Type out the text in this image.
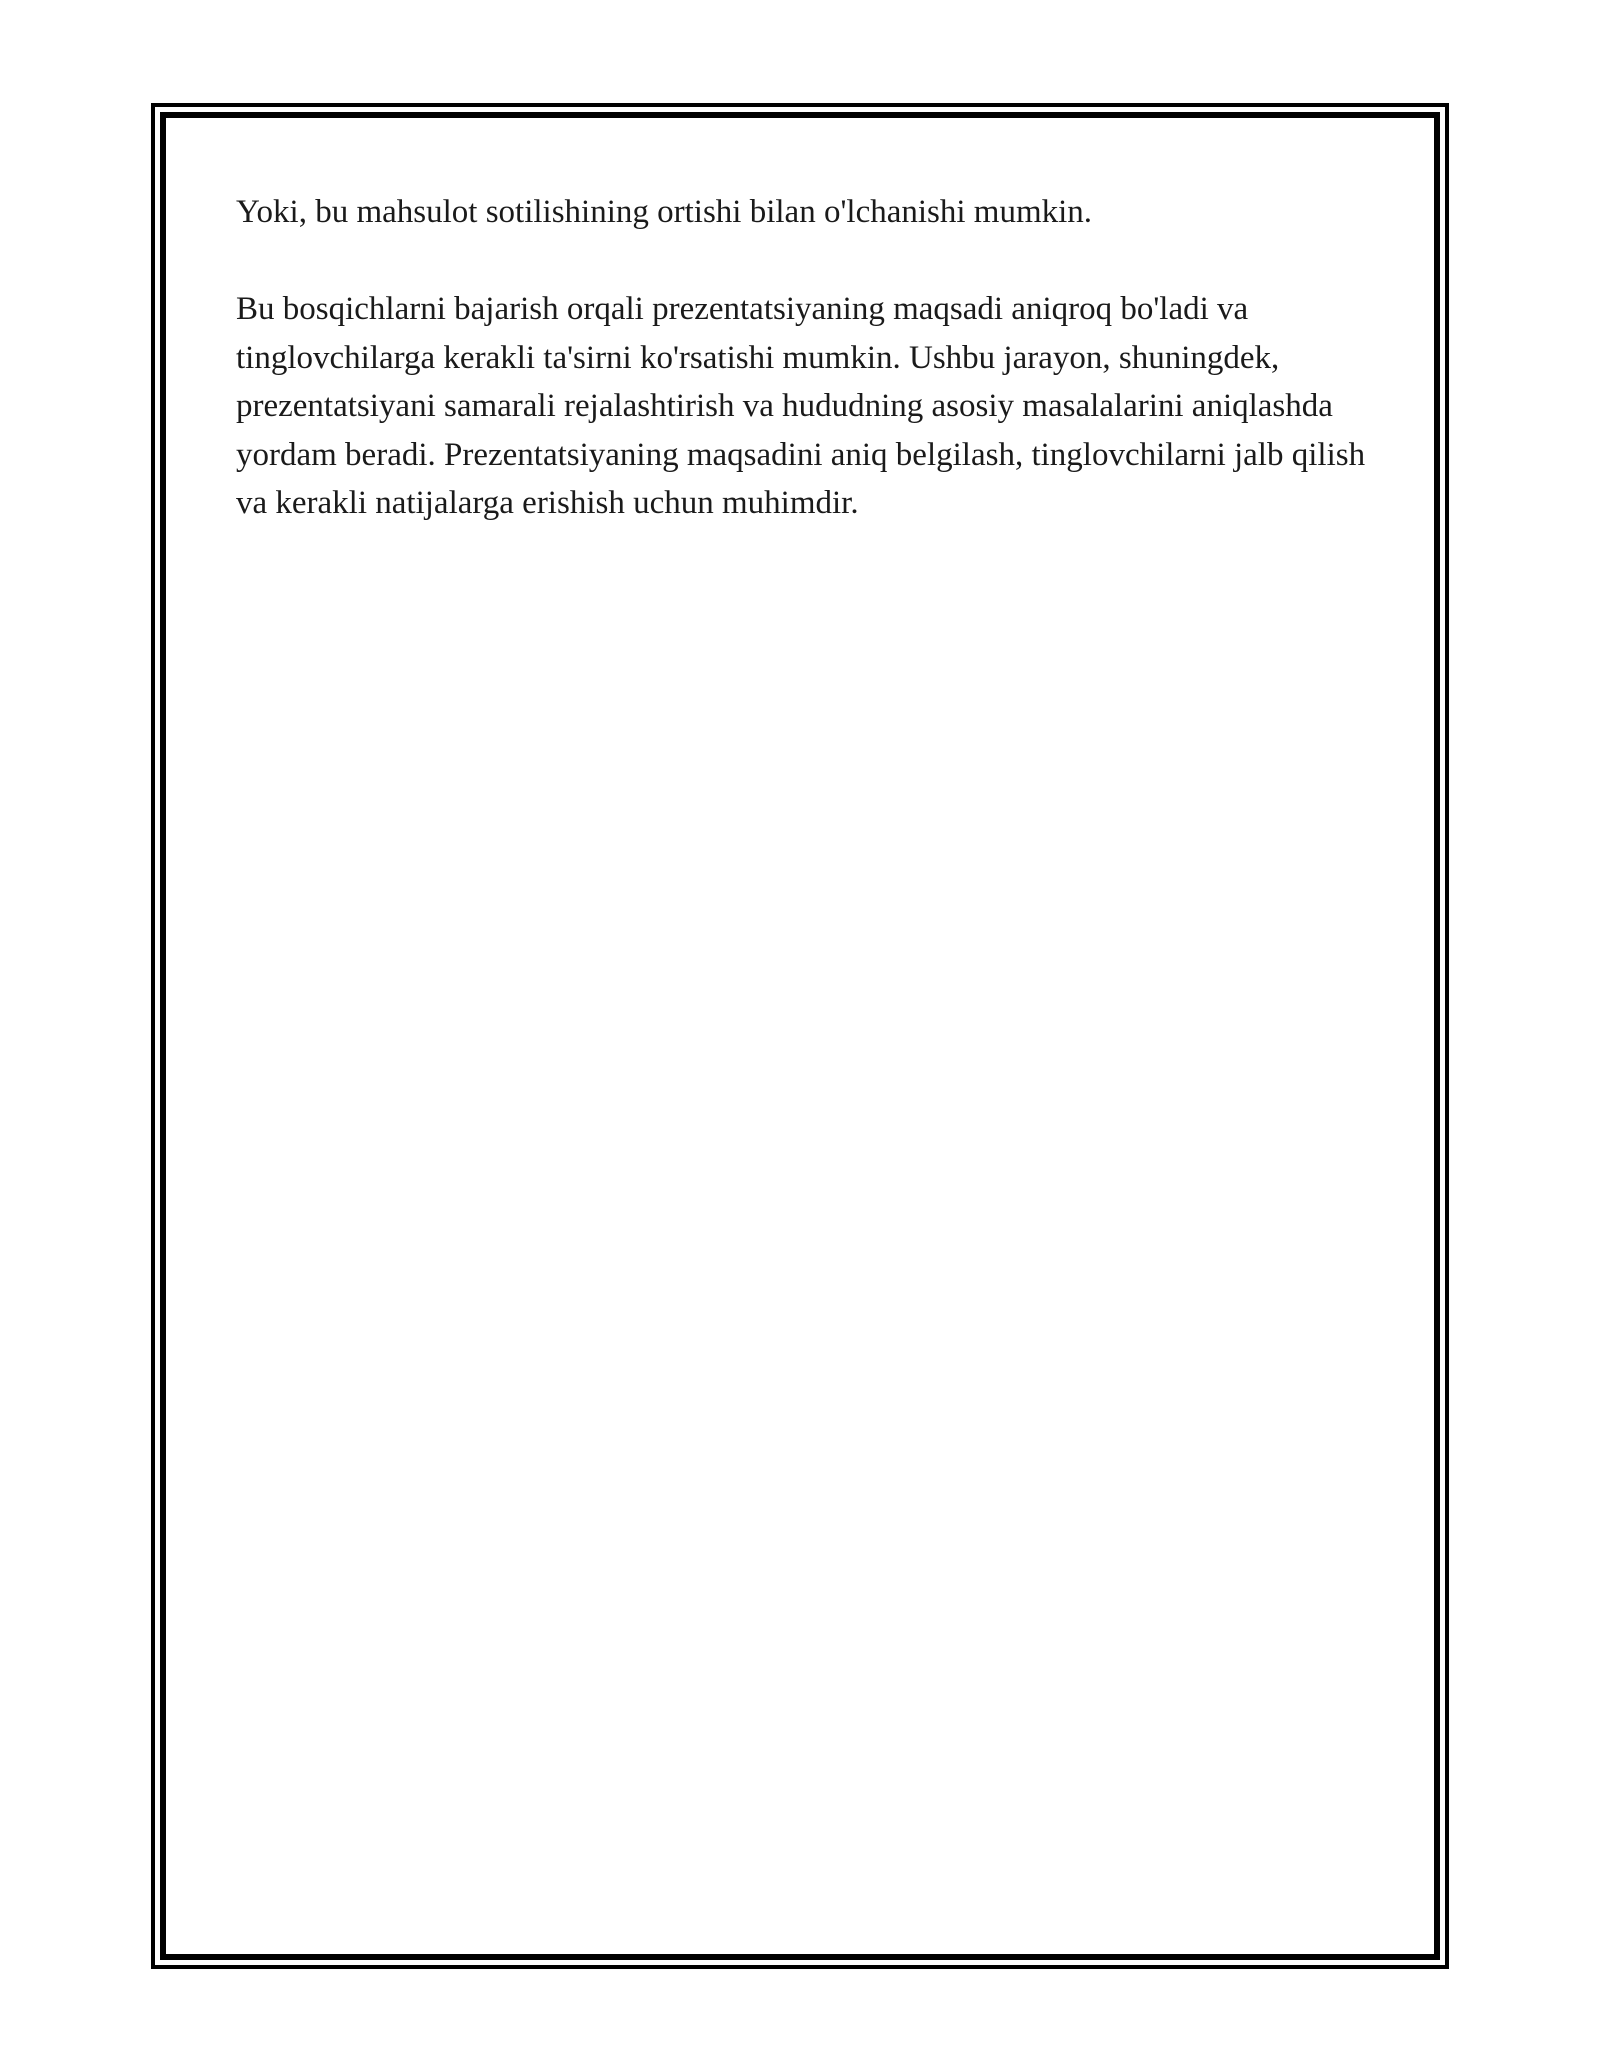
Yoki, bu mahsulot sotilishining ortishi bilan o'lchanishi mumkin.

Bu bosqichlarni bajarish orqali prezentatsiyaning maqsadi aniqroq bo'ladi va tinglovchilarga kerakli ta'sirni ko'rsatishi mumkin. Ushbu jarayon, shuningdek, prezentatsiyani samarali rejalashtirish va hududning asosiy masalalarini aniqlashda yordam beradi. Prezentatsiyaning maqsadini aniq belgilash, tinglovchilarni jalb qilish va kerakli natijalarga erishish uchun muhimdir.
